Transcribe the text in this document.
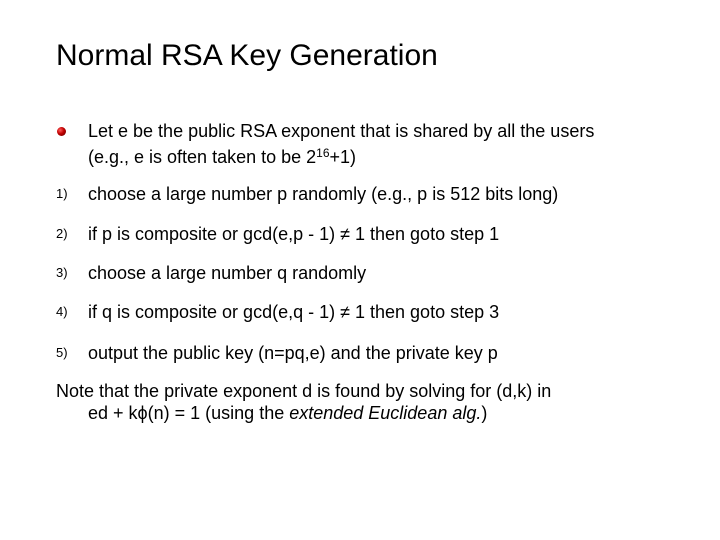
Normal RSA Key Generation
Let e be the public RSA exponent that is shared by all the users
(e.g., e is often taken to be $2^{16}+1$)
1)	choose a large number p randomly (e.g., p is 512 bits long)
2)	if p is composite or gcd(e,p - 1) ≠ 1 then goto step 1
3)	choose a large number q randomly
4)	if q is composite or gcd(e,q - 1) ≠ 1 then goto step 3
5)	output the public key (n=pq,e) and the private key p
Note that the private exponent d is found by solving for (d,k) in
ed + kϕ(n) = 1 (using the extended Euclidean alg.)
